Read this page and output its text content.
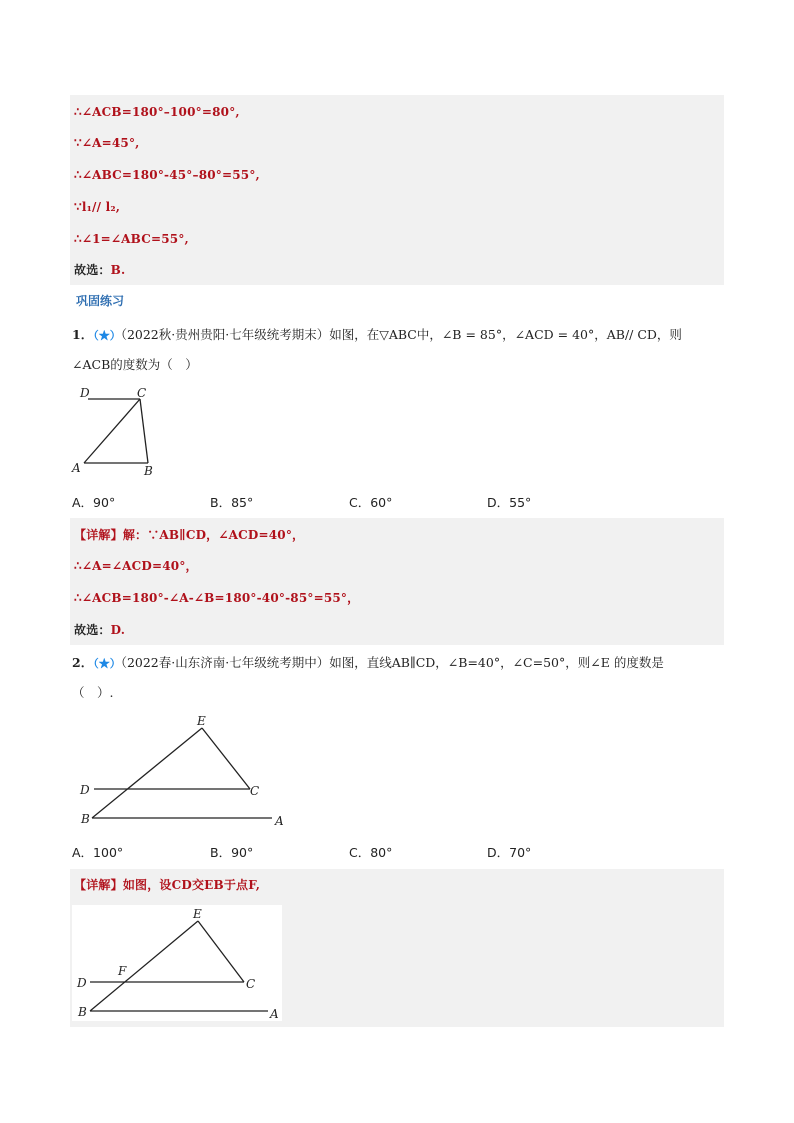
∴∠ACB=180°–100°=80°,
∵∠A=45°,
∴∠ABC=180°-45°–80°=55°,
∵l₁// l₂,
∴∠1=∠ABC=55°,
故选：B.
巩固练习
1．（★）（2022秋·贵州贵阳·七年级统考期末）如图，在▽ABC中，∠B = 85°，∠ACD = 40°，AB// CD，则
∠ACB的度数为（　）
D	C
A	B
A．90°	B．85°	C．60°	D．55°
【详解】解：∵AB∥CD，∠ACD=40°，
∴∠A=∠ACD=40°，
∴∠ACB=180°-∠A-∠B=180°-40°-85°=55°，
故选：D.
2．（★）（2022春·山东济南·七年级统考期中）如图，直线AB∥CD，∠B=40°，∠C=50°，则∠E 的度数是
（　）.
E
D	C
B	A
A．100°	B．90°	C．80°	D．70°
【详解】如图，设CD交EB于点F,
E
F
D	C
B	A
